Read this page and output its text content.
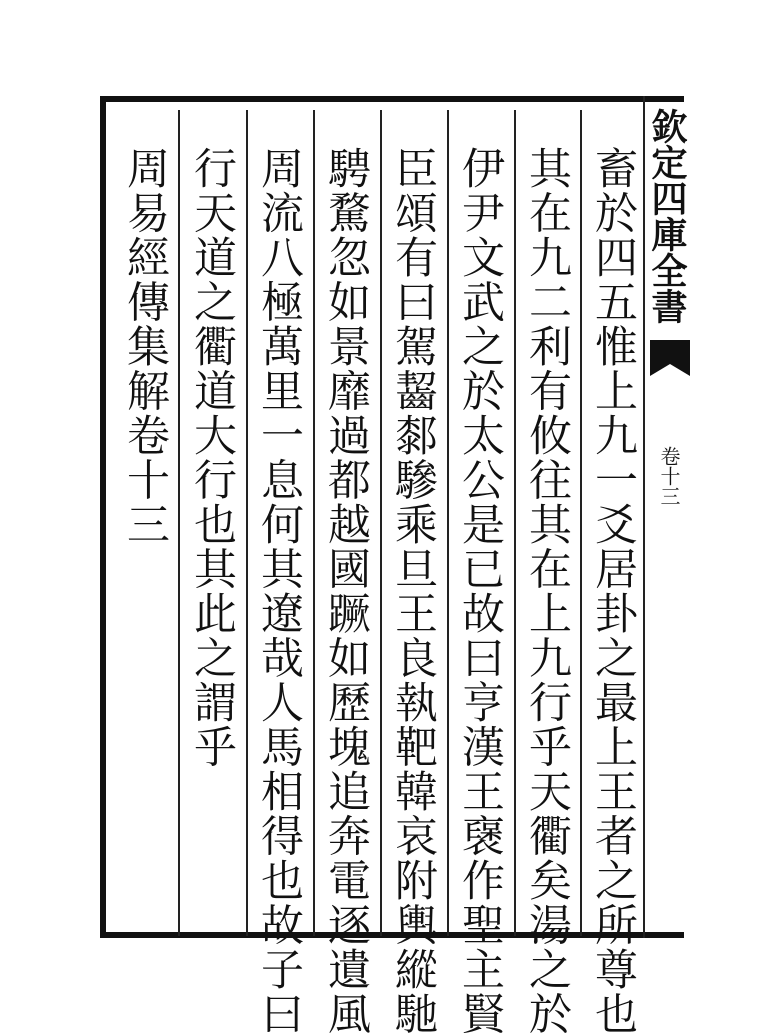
欽定四庫全書
卷十三
畜於四五惟上九一爻居卦之最上王者之所尊也
其在九二利有攸往其在上九行乎天衢矣湯之於
伊尹文武之於太公是已故曰亨漢王襃作聖主賢
臣頌有曰駕齧䣛驂乘旦王良執靶韓哀附輿縱馳
騁騖忽如景靡過都越國蹶如歷塊追奔電逐遺風
周流八極萬里一息何其遼哉人馬相得也故子曰
行天道之衢道大行也其此之謂乎
周易經傳集解卷十三
